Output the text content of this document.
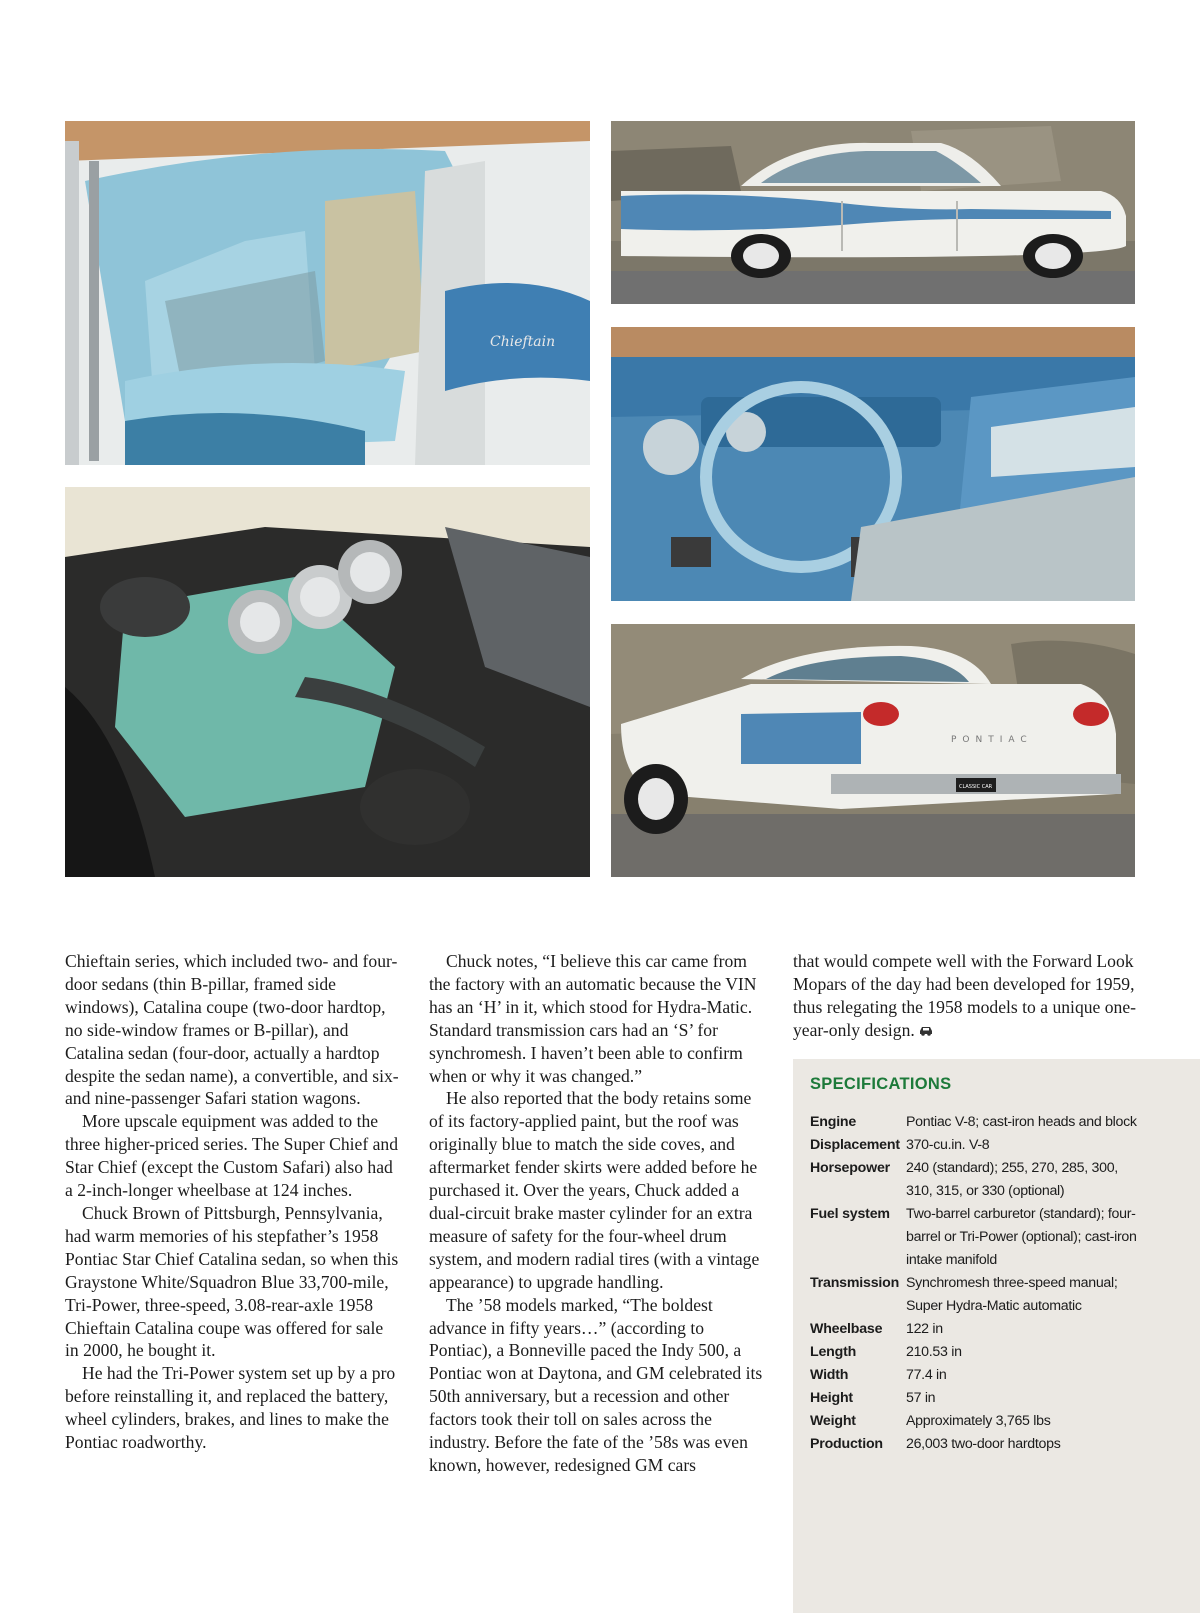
Chieftain
PONTIAC
CLASSIC CAR

Chieftain series, which included two- and four-door sedans (thin B-pillar, framed side windows), Catalina coupe (two-door hardtop, no side-window frames or B-pillar), and Catalina sedan (four-door, actually a hardtop despite the sedan name), a convertible, and six- and nine-passenger Safari station wagons.

More upscale equipment was added to the three higher-priced series. The Super Chief and Star Chief (except the Custom Safari) also had a 2-inch-longer wheelbase at 124 inches.

Chuck Brown of Pittsburgh, Pennsylvania, had warm memories of his stepfather’s 1958 Pontiac Star Chief Catalina sedan, so when this Graystone White/Squadron Blue 33,700-mile, Tri-Power, three-speed, 3.08-rear-axle 1958 Chieftain Catalina coupe was offered for sale in 2000, he bought it.

He had the Tri-Power system set up by a pro before reinstalling it, and replaced the battery, wheel cylinders, brakes, and lines to make the Pontiac roadworthy.

Chuck notes, “I believe this car came from the factory with an automatic because the VIN has an ‘H’ in it, which stood for Hydra-Matic. Standard transmission cars had an ‘S’ for synchromesh. I haven’t been able to confirm when or why it was changed.”

He also reported that the body retains some of its factory-applied paint, but the roof was originally blue to match the side coves, and aftermarket fender skirts were added before he purchased it. Over the years, Chuck added a dual-circuit brake master cylinder for an extra measure of safety for the four-wheel drum system, and modern radial tires (with a vintage appearance) to upgrade handling.

The ’58 models marked, “The boldest advance in fifty years…” (according to Pontiac), a Bonneville paced the Indy 500, a Pontiac won at Daytona, and GM celebrated its 50th anniversary, but a recession and other factors took their toll on sales across the industry. Before the fate of the ’58s was even known, however, redesigned GM cars

that would compete well with the Forward Look Mopars of the day had been developed for 1959, thus relegating the 1958 models to a unique one-year-only design.

SPECIFICATIONS
Engine	Pontiac V-8; cast-iron heads and block
Displacement	370-cu.in. V-8
Horsepower	240 (standard); 255, 270, 285, 300, 310, 315, or 330 (optional)
Fuel system	Two-barrel carburetor (standard); four-barrel or Tri-Power (optional); cast-iron intake manifold
Transmission	Synchromesh three-speed manual; Super Hydra-Matic automatic
Wheelbase	122 in
Length	210.53 in
Width	77.4 in
Height	57 in
Weight	Approximately 3,765 lbs
Production	26,003 two-door hardtops
